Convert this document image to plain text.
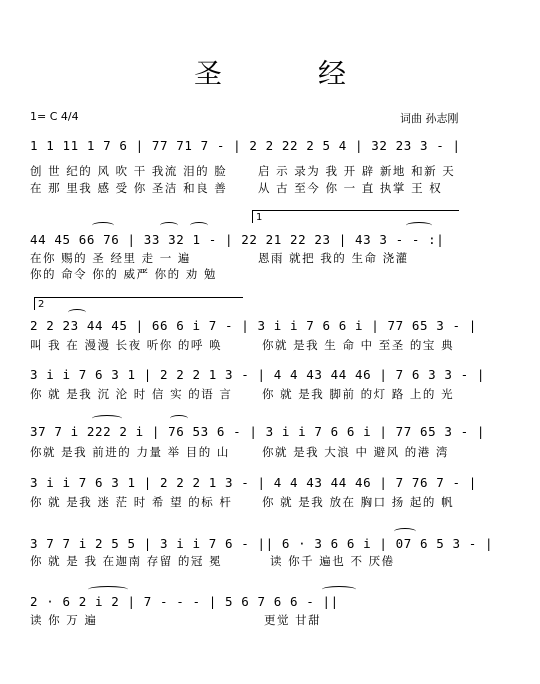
圣经
1= C 4/4	词曲 孙志刚
1 1 11 1 7 6 | 77 71 7 - | 2 2 22 2 5 4 | 32 23 3 - |
创 世 纪的 风 吹 干 我流 泪的 脸	启 示 录为 我 开 辟 新地 和新 天
在 那 里我 感 受 你 圣洁 和良 善	从 古 至今 你 一 直 执掌 王 权
1
44 45 66 76 | 33 32 1 - | 22 21 22 23 | 43 3 - - :|
在你 赐的 圣 经里 走 一 遍	恩雨 就把 我的 生命 浇灌
你的 命令 你的 威严 你的 劝 勉
2
2 2 23 44 45 | 66 6 i 7 - | 3 i i 7 6 6 i | 77 65 3 - |
叫 我 在 漫漫 长夜 听你 的呼 唤	你就 是我 生 命 中 至圣 的宝 典
3 i i 7 6 3 1 | 2 2 2 1 3 - | 4 4 43 44 46 | 7 6 3 3 - |
你 就 是我 沉 沦 时 信 实 的语 言	你 就 是我 脚前 的灯 路 上的 光
37 7 i 222 2 i | 76 53 6 - | 3 i i 7 6 6 i | 77 65 3 - |
你就 是我 前进的 力量 举 目的 山	你就 是我 大浪 中 避风 的港 湾
3 i i 7 6 3 1 | 2 2 2 1 3 - | 4 4 43 44 46 | 7 76 7 - |
你 就 是我 迷 茫 时 希 望 的标 杆	你 就 是我 放在 胸口 扬 起的 帆
3 7 7 i 2 5 5 | 3 i i 7 6 - || 6 · 3 6 6 i | 07 6 5 3 - |
你 就 是 我 在迦南 存留 的冠 冕	读 你千 遍也 不 厌倦
2 · 6 2 i 2 | 7 - - - | 5 6 7 6 6 - ||
读 你 万 遍	更觉 甘甜
